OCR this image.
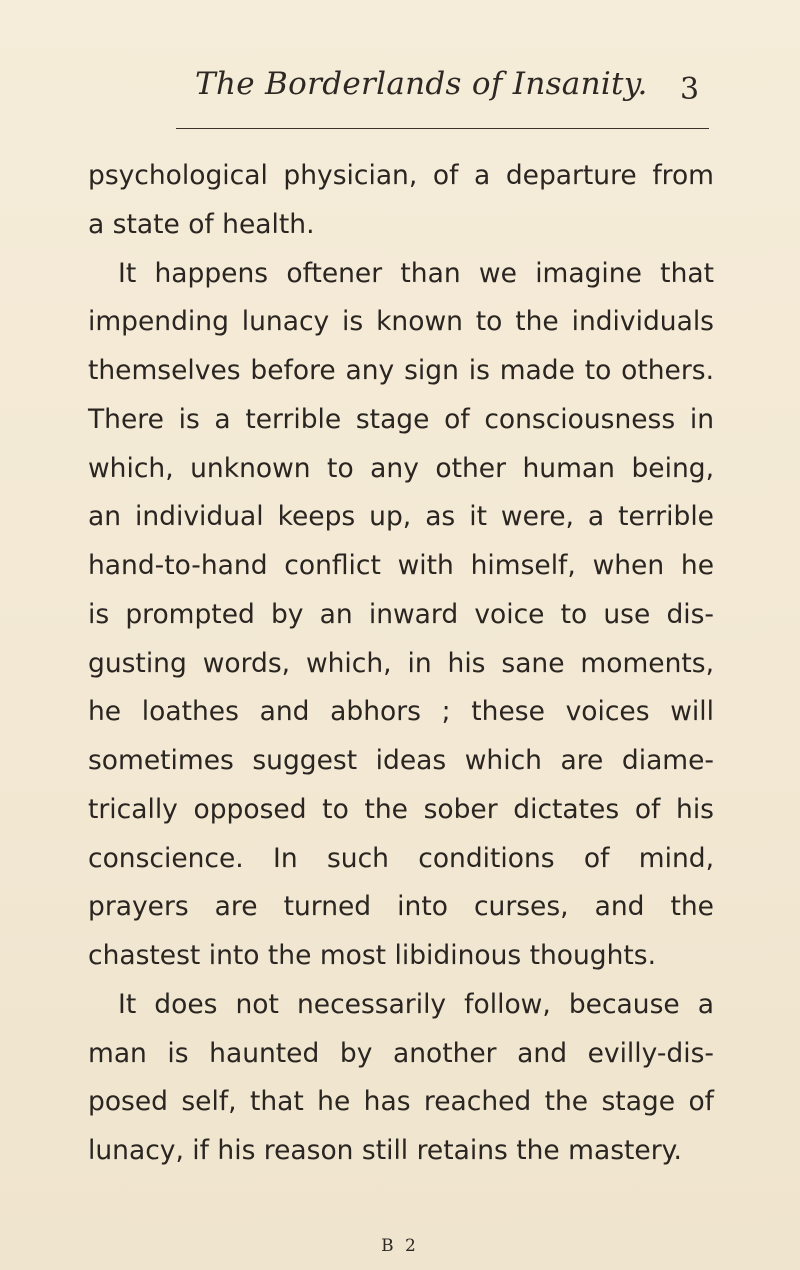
The Borderlands of Insanity. 3
psychological physician, of a departure from
a state of health.
It happens oftener than we imagine that
impending lunacy is known to the individuals
themselves before any sign is made to others.
There is a terrible stage of consciousness in
which, unknown to any other human being,
an individual keeps up, as it were, a terrible
hand-to-hand conflict with himself, when he
is prompted by an inward voice to use dis-
gusting words, which, in his sane moments,
he loathes and abhors ; these voices will
sometimes suggest ideas which are diame-
trically opposed to the sober dictates of his
conscience. In such conditions of mind,
prayers are turned into curses, and the
chastest into the most libidinous thoughts.
It does not necessarily follow, because a
man is haunted by another and evilly-dis-
posed self, that he has reached the stage of
lunacy, if his reason still retains the mastery.
B 2
